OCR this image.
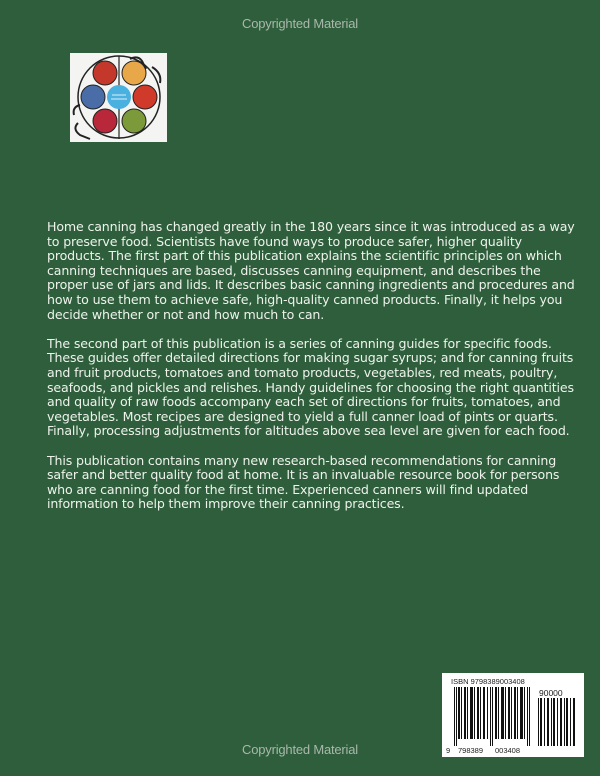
Copyrighted Material

Home canning has changed greatly in the 180 years since it was introduced as a way to preserve food. Scientists have found ways to produce safer, higher quality products. The first part of this publication explains the scientific principles on which canning techniques are based, discusses canning equipment, and describes the proper use of jars and lids. It describes basic canning ingredients and procedures and how to use them to achieve safe, high-quality canned products. Finally, it helps you decide whether or not and how much to can.

The second part of this publication is a series of canning guides for specific foods. These guides offer detailed directions for making sugar syrups; and for canning fruits and fruit products, tomatoes and tomato products, vegetables, red meats, poultry, seafoods, and pickles and relishes. Handy guidelines for choosing the right quantities and quality of raw foods accompany each set of directions for fruits, tomatoes, and vegetables. Most recipes are designed to yield a full canner load of pints or quarts. Finally, processing adjustments for altitudes above sea level are given for each food.

This publication contains many new research-based recommendations for canning safer and better quality food at home. It is an invaluable resource book for persons who are canning food for the first time. Experienced canners will find updated information to help them improve their canning practices.

ISBN 9798389003408
90000
9 798389 003408
Copyrighted Material
